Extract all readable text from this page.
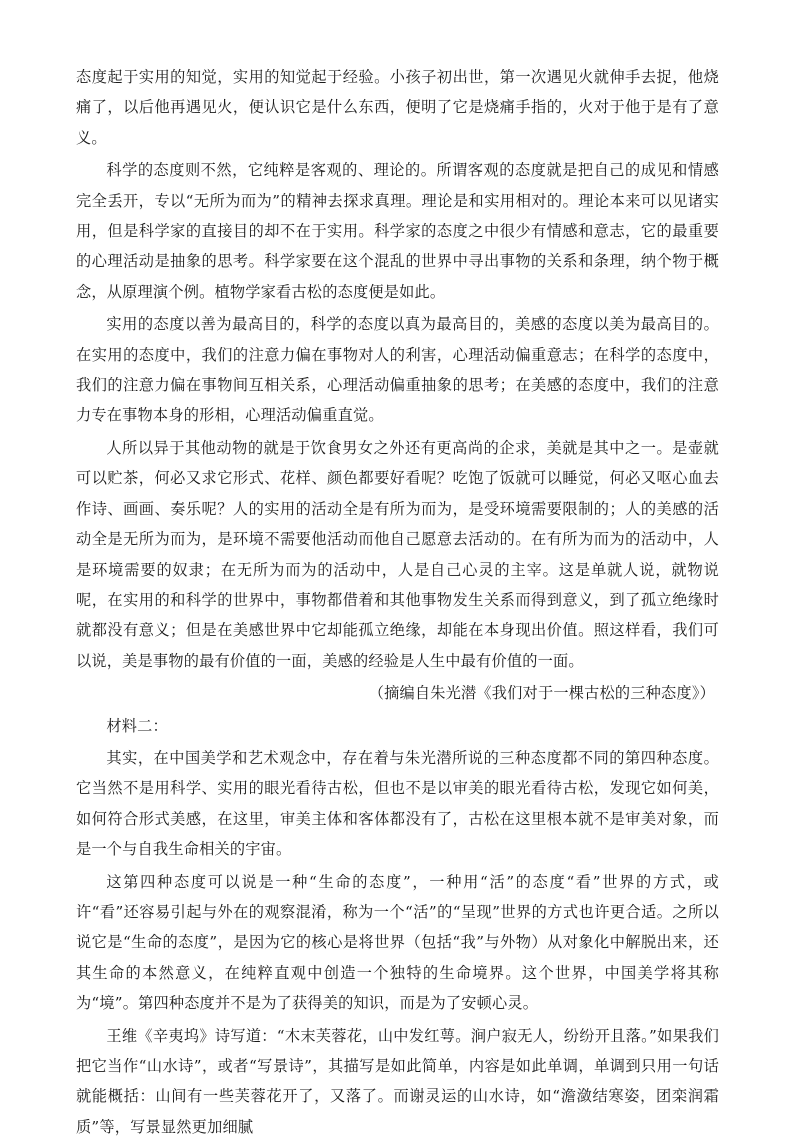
态度起于实用的知觉，实用的知觉起于经验。小孩子初出世，第一次遇见火就伸手去捉，他烧痛了，以后他再遇见火，便认识它是什么东西，便明了它是烧痛手指的，火对于他于是有了意义。

科学的态度则不然，它纯粹是客观的、理论的。所谓客观的态度就是把自己的成见和情感完全丢开，专以“无所为而为”的精神去探求真理。理论是和实用相对的。理论本来可以见诸实用，但是科学家的直接目的却不在于实用。科学家的态度之中很少有情感和意志，它的最重要的心理活动是抽象的思考。科学家要在这个混乱的世界中寻出事物的关系和条理，纳个物于概念，从原理演个例。植物学家看古松的态度便是如此。

实用的态度以善为最高目的，科学的态度以真为最高目的，美感的态度以美为最高目的。在实用的态度中，我们的注意力偏在事物对人的利害，心理活动偏重意志；在科学的态度中，我们的注意力偏在事物间互相关系，心理活动偏重抽象的思考；在美感的态度中，我们的注意力专在事物本身的形相，心理活动偏重直觉。

人所以异于其他动物的就是于饮食男女之外还有更高尚的企求，美就是其中之一。是壶就可以贮茶，何必又求它形式、花样、颜色都要好看呢？吃饱了饭就可以睡觉，何必又呕心血去作诗、画画、奏乐呢？人的实用的活动全是有所为而为，是受环境需要限制的；人的美感的活动全是无所为而为，是环境不需要他活动而他自己愿意去活动的。在有所为而为的活动中，人是环境需要的奴隶；在无所为而为的活动中，人是自己心灵的主宰。这是单就人说，就物说呢，在实用的和科学的世界中，事物都借着和其他事物发生关系而得到意义，到了孤立绝缘时就都没有意义；但是在美感世界中它却能孤立绝缘，却能在本身现出价值。照这样看，我们可以说，美是事物的最有价值的一面，美感的经验是人生中最有价值的一面。

（摘编自朱光潜《我们对于一棵古松的三种态度》）

材料二：

其实，在中国美学和艺术观念中，存在着与朱光潜所说的三种态度都不同的第四种态度。它当然不是用科学、实用的眼光看待古松，但也不是以审美的眼光看待古松，发现它如何美，如何符合形式美感，在这里，审美主体和客体都没有了，古松在这里根本就不是审美对象，而是一个与自我生命相关的宇宙。

这第四种态度可以说是一种“生命的态度”，一种用“活”的态度“看”世界的方式，或许“看”还容易引起与外在的观察混淆，称为一个“活”的“呈现”世界的方式也许更合适。之所以说它是“生命的态度”，是因为它的核心是将世界（包括“我”与外物）从对象化中解脱出来，还其生命的本然意义，在纯粹直观中创造一个独特的生命境界。这个世界，中国美学将其称为“境”。第四种态度并不是为了获得美的知识，而是为了安顿心灵。

王维《辛夷坞》诗写道：“木末芙蓉花，山中发红萼。涧户寂无人，纷纷开且落。”如果我们把它当作“山水诗”，或者“写景诗”，其描写是如此简单，内容是如此单调，单调到只用一句话就能概括：山间有一些芙蓉花开了，又落了。而谢灵运的山水诗，如“澹潋结寒姿，团栾润霜质”等，写景显然更加细腻
